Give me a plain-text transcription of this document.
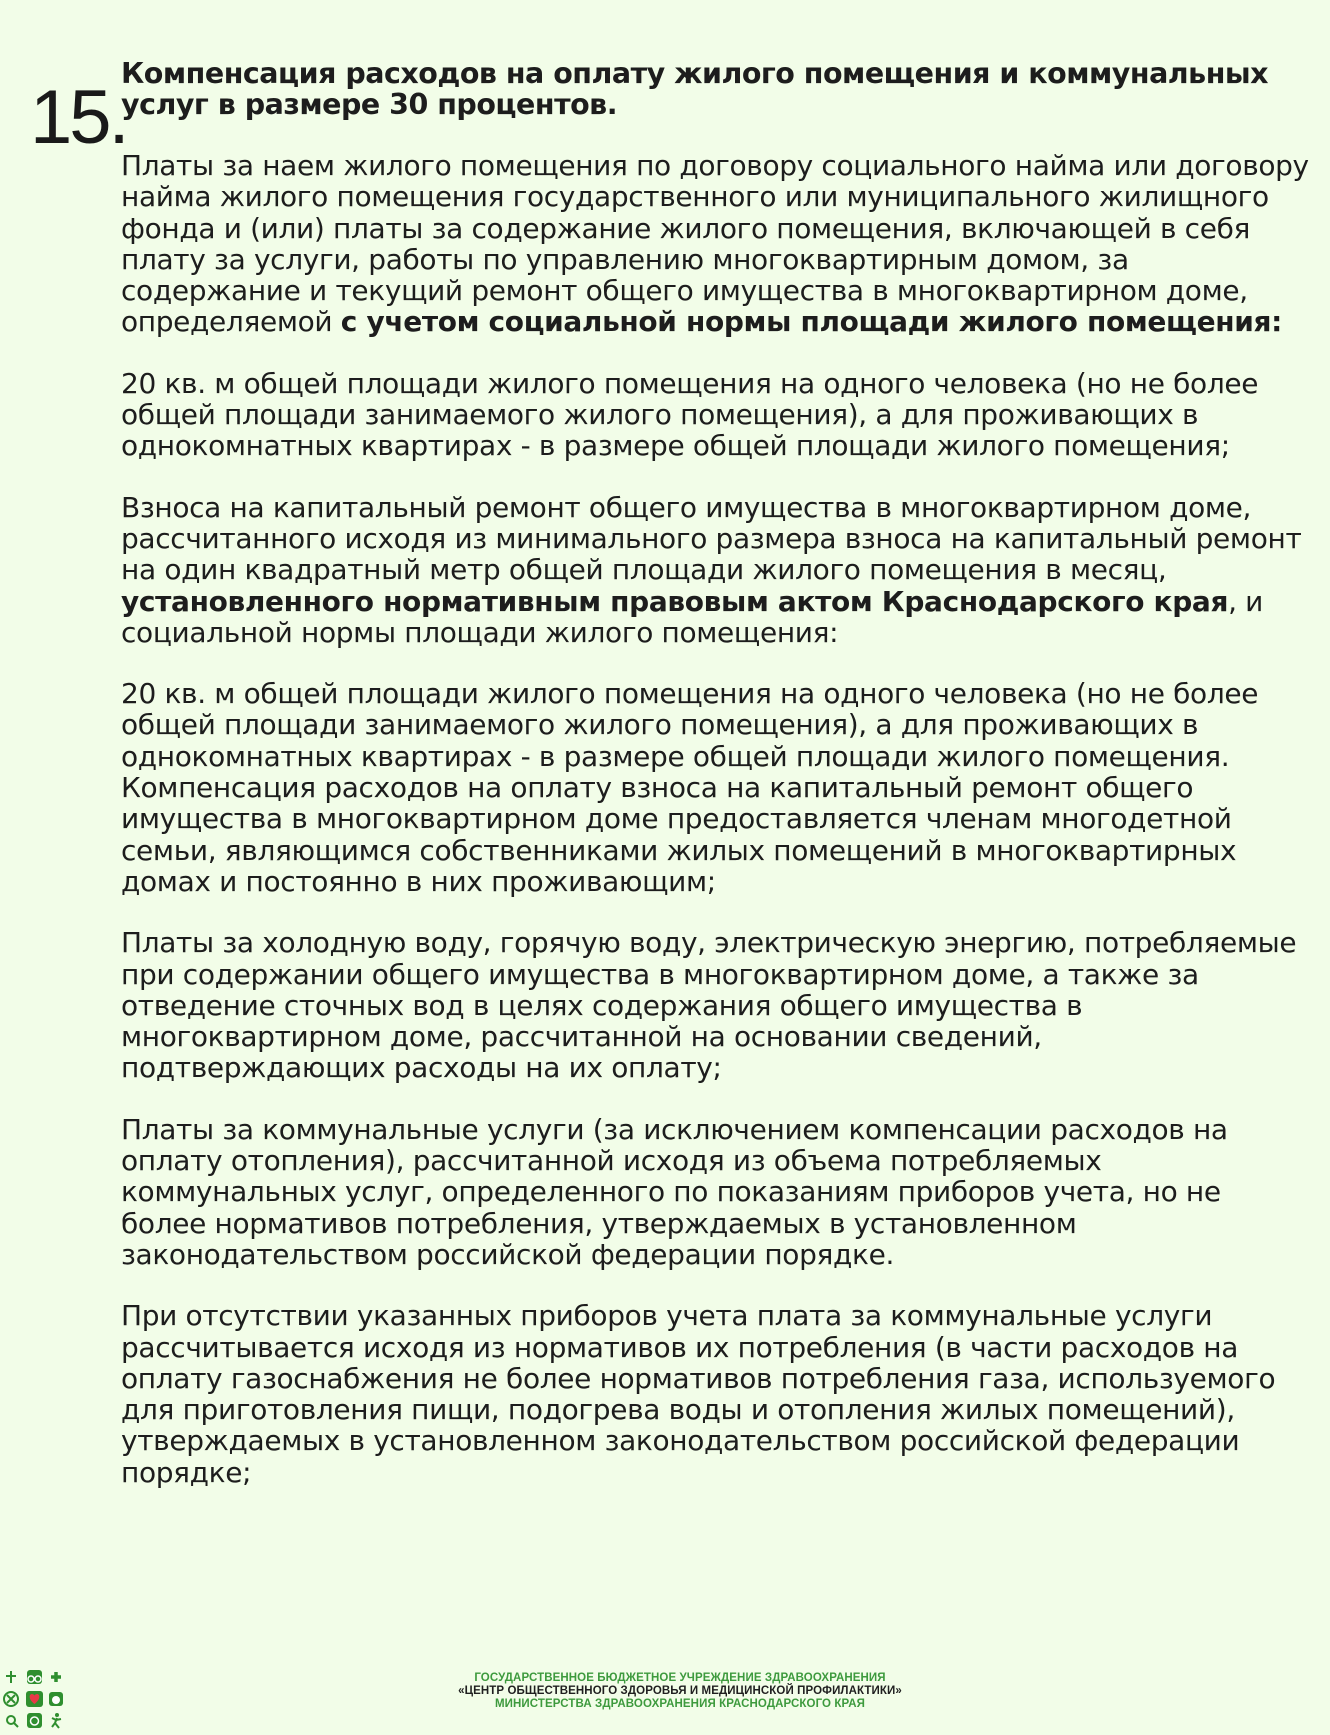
15.

Компенсация расходов на оплату жилого помещения и коммунальных услуг в размере 30 процентов.

Платы за наем жилого помещения по договору социального найма или договору найма жилого помещения государственного или муниципального жилищного фонда и (или) платы за содержание жилого помещения, включающей в себя плату за услуги, работы по управлению многоквартирным домом, за содержание и текущий ремонт общего имущества в многоквартирном доме, определяемой с учетом социальной нормы площади жилого помещения:

20 кв. м общей площади жилого помещения на одного человека (но не более общей площади занимаемого жилого помещения), а для проживающих в однокомнатных квартирах - в размере общей площади жилого помещения;

Взноса на капитальный ремонт общего имущества в многоквартирном доме, рассчитанного исходя из минимального размера взноса на капитальный ремонт на один квадратный метр общей площади жилого помещения в месяц, установленного нормативным правовым актом Краснодарского края, и социальной нормы площади жилого помещения:

20 кв. м общей площади жилого помещения на одного человека (но не более общей площади занимаемого жилого помещения), а для проживающих в однокомнатных квартирах - в размере общей площади жилого помещения. Компенсация расходов на оплату взноса на капитальный ремонт общего имущества в многоквартирном доме предоставляется членам многодетной семьи, являющимся собственниками жилых помещений в многоквартирных домах и постоянно в них проживающим;

Платы за холодную воду, горячую воду, электрическую энергию, потребляемые при содержании общего имущества в многоквартирном доме, а также за отведение сточных вод в целях содержания общего имущества в многоквартирном доме, рассчитанной на основании сведений, подтверждающих расходы на их оплату;

Платы за коммунальные услуги (за исключением компенсации расходов на оплату отопления), рассчитанной исходя из объема потребляемых коммунальных услуг, определенного по показаниям приборов учета, но не более нормативов потребления, утверждаемых в установленном законодательством российской федерации порядке.

При отсутствии указанных приборов учета плата за коммунальные услуги рассчитывается исходя из нормативов их потребления (в части расходов на оплату газоснабжения не более нормативов потребления газа, используемого для приготовления пищи, подогрева воды и отопления жилых помещений), утверждаемых в установленном законодательством российской федерации порядке;

ГОСУДАРСТВЕННОЕ БЮДЖЕТНОЕ УЧРЕЖДЕНИЕ ЗДРАВООХРАНЕНИЯ
«ЦЕНТР ОБЩЕСТВЕННОГО ЗДОРОВЬЯ И МЕДИЦИНСКОЙ ПРОФИЛАКТИКИ»
МИНИСТЕРСТВА ЗДРАВООХРАНЕНИЯ КРАСНОДАРСКОГО КРАЯ
